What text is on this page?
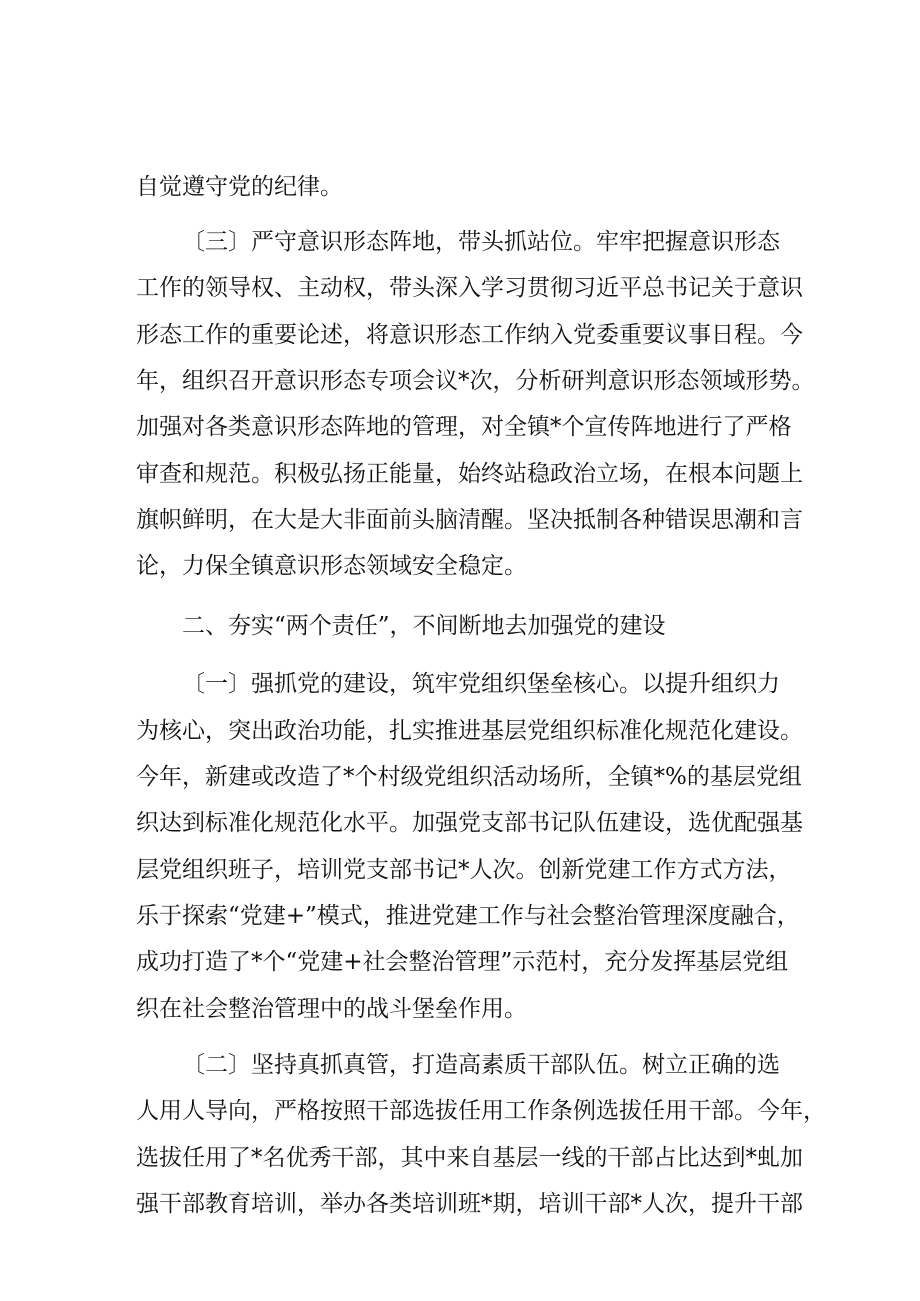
自觉遵守党的纪律。
〔三〕严守意识形态阵地，带头抓站位。牢牢把握意识形态
工作的领导权、主动权，带头深入学习贯彻习近平总书记关于意识
形态工作的重要论述，将意识形态工作纳入党委重要议事日程。今
年，组织召开意识形态专项会议*次，分析研判意识形态领域形势。
加强对各类意识形态阵地的管理，对全镇*个宣传阵地进行了严格
审查和规范。积极弘扬正能量，始终站稳政治立场，在根本问题上
旗帜鲜明，在大是大非面前头脑清醒。坚决抵制各种错误思潮和言
论，力保全镇意识形态领域安全稳定。
二、夯实“两个责任”，不间断地去加强党的建设
〔一〕强抓党的建设，筑牢党组织堡垒核心。以提升组织力
为核心，突出政治功能，扎实推进基层党组织标准化规范化建设。
今年，新建或改造了*个村级党组织活动场所，全镇*%的基层党组
织达到标准化规范化水平。加强党支部书记队伍建设，选优配强基
层党组织班子，培训党支部书记*人次。创新党建工作方式方法，
乐于探索“党建+”模式，推进党建工作与社会整治管理深度融合，
成功打造了*个“党建+社会整治管理”示范村，充分发挥基层党组
织在社会整治管理中的战斗堡垒作用。
〔二〕坚持真抓真管，打造高素质干部队伍。树立正确的选
人用人导向，严格按照干部选拔任用工作条例选拔任用干部。今年，
选拔任用了*名优秀干部，其中来自基层一线的干部占比达到*虬加
强干部教育培训，举办各类培训班*期，培训干部*人次，提升干部
